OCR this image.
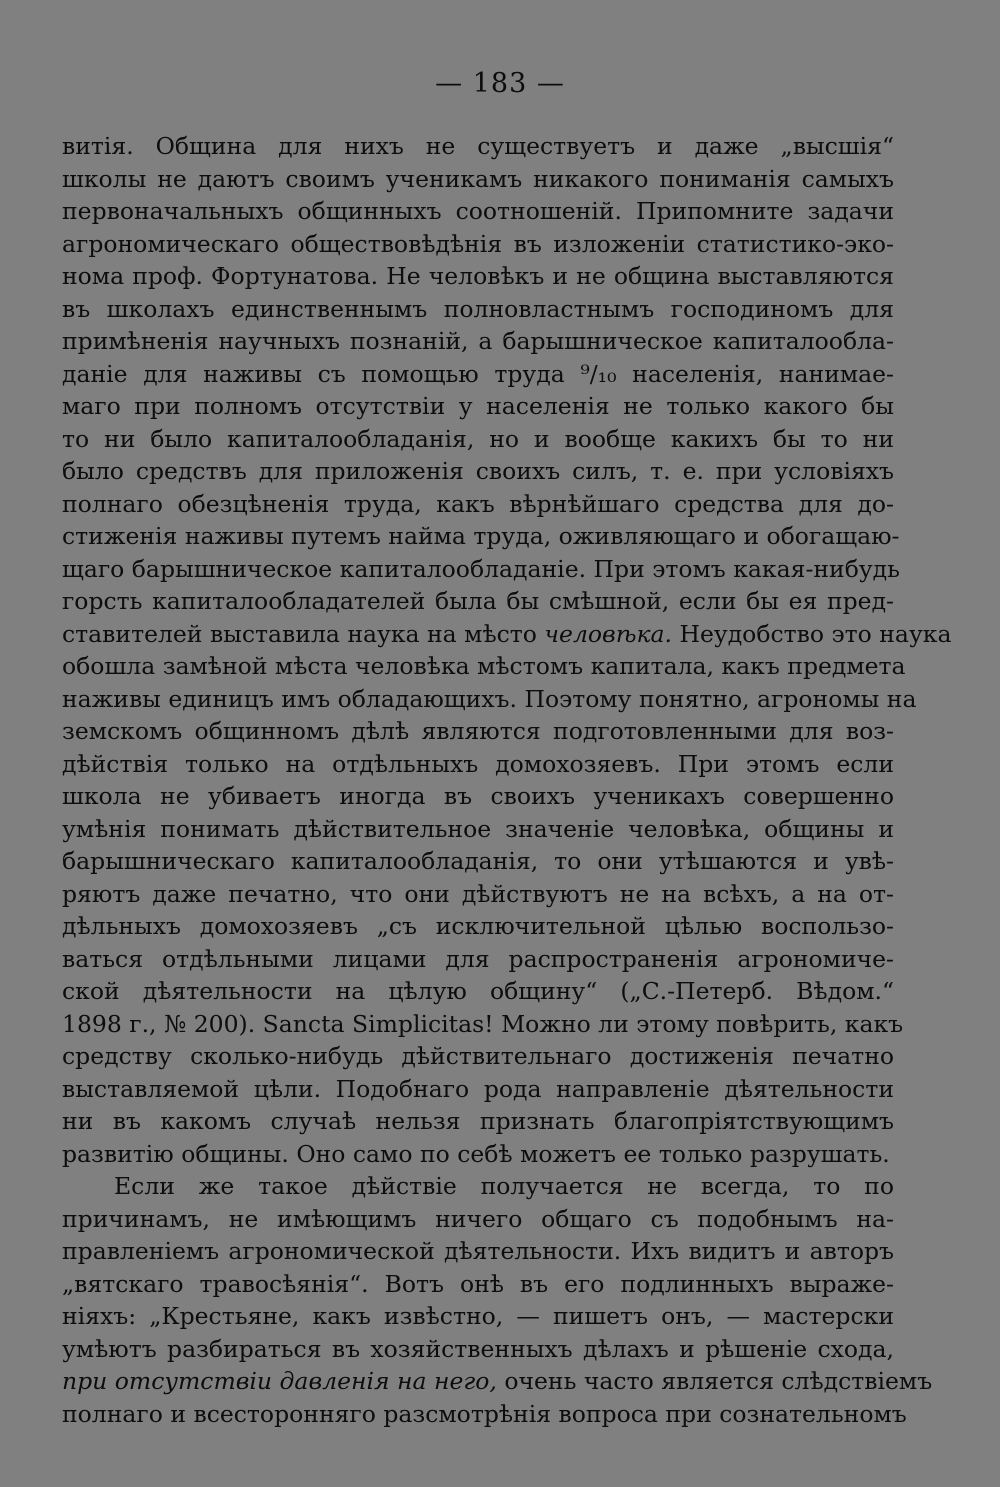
— 183 —
витія. Община для нихъ не существуетъ и даже „высшія“
школы не даютъ своимъ ученикамъ никакого пониманія самыхъ
первоначальныхъ общинныхъ соотношеній. Припомните задачи
агрономическаго обществовѣдѣнія въ изложеніи статистико-эко-
нома проф. Фортунатова. Не человѣкъ и не община выставляются
въ школахъ единственнымъ полновластнымъ господиномъ для
примѣненія научныхъ познаній, а барышническое капиталообла-
даніе для наживы съ помощью труда ⁹/₁₀ населенія, нанимае-
маго при полномъ отсутствіи у населенія не только какого бы
то ни было капиталообладанія, но и вообще какихъ бы то ни
было средствъ для приложенія своихъ силъ, т. е. при условіяхъ
полнаго обезцѣненія труда, какъ вѣрнѣйшаго средства для до-
стиженія наживы путемъ найма труда, оживляющаго и обогащаю-
щаго барышническое капиталообладаніе. При этомъ какая-нибудь
горсть капиталообладателей была бы смѣшной, если бы ея пред-
ставителей выставила наука на мѣсто человѣка. Неудобство это наука
обошла замѣной мѣста человѣка мѣстомъ капитала, какъ предмета
наживы единицъ имъ обладающихъ. Поэтому понятно, агрономы на
земскомъ общинномъ дѣлѣ являются подготовленными для воз-
дѣйствія только на отдѣльныхъ домохозяевъ. При этомъ если
школа не убиваетъ иногда въ своихъ ученикахъ совершенно
умѣнія понимать дѣйствительное значеніе человѣка, общины и
барышническаго капиталообладанія, то они утѣшаются и увѣ-
ряютъ даже печатно, что они дѣйствуютъ не на всѣхъ, а на от-
дѣльныхъ домохозяевъ „съ исключительной цѣлью воспользо-
ваться отдѣльными лицами для распространенія агрономиче-
ской дѣятельности на цѣлую общину“ („С.-Петерб. Вѣдом.“
1898 г., № 200). Sancta Simplicitas! Можно ли этому повѣрить, какъ
средству сколько-нибудь дѣйствительнаго достиженія печатно
выставляемой цѣли. Подобнаго рода направленіе дѣятельности
ни въ какомъ случаѣ нельзя признать благопріятствующимъ
развитію общины. Оно само по себѣ можетъ ее только разрушать.
Если же такое дѣйствіе получается не всегда, то по
причинамъ, не имѣющимъ ничего общаго съ подобнымъ на-
правленіемъ агрономической дѣятельности. Ихъ видитъ и авторъ
„вятскаго травосѣянія“. Вотъ онѣ въ его подлинныхъ выраже-
ніяхъ: „Крестьяне, какъ извѣстно, — пишетъ онъ, — мастерски
умѣютъ разбираться въ хозяйственныхъ дѣлахъ и рѣшеніе схода,
при отсутствіи давленія на него, очень часто является слѣдствіемъ
полнаго и всесторонняго разсмотрѣнія вопроса при сознательномъ
